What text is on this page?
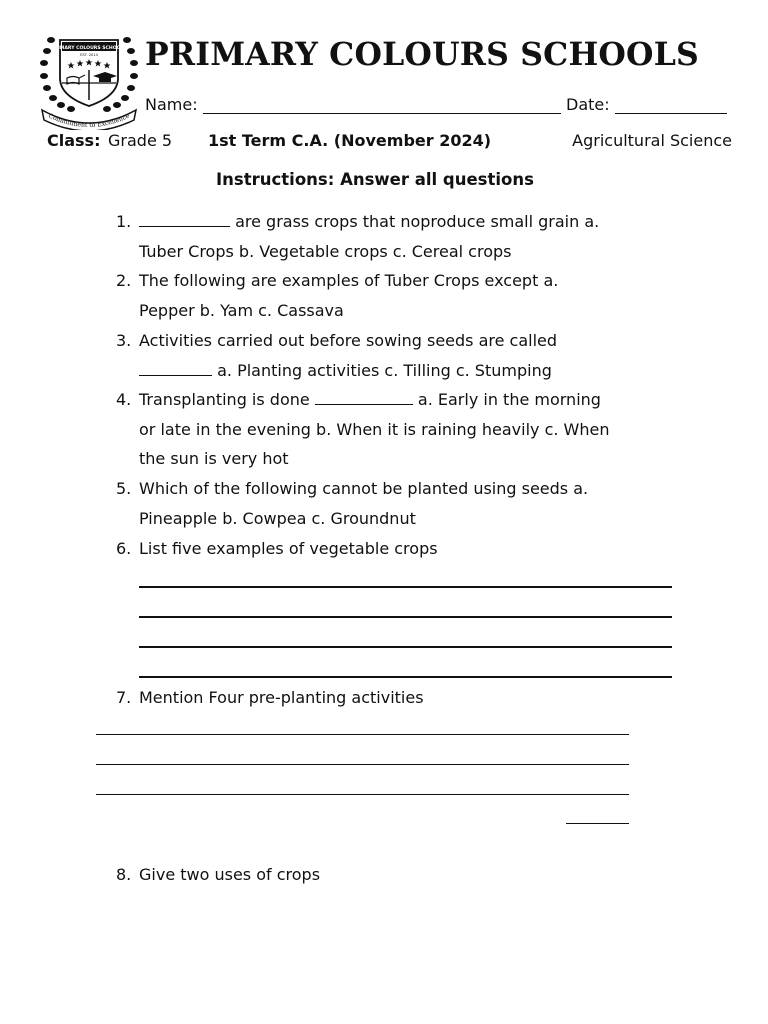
PRIMARY COLOURS SCHOOLS
EST. 2014
Commitment to Excellence
PRIMARY COLOURS SCHOOLS
Name:	Date:
Class: Grade 5 1st Term C.A. (November 2024)	Agricultural Science
Instructions: Answer all questions
1.	are grass crops that noproduce small grain a.
Tuber Crops b. Vegetable crops c. Cereal crops
2. The following are examples of Tuber Crops except a.
Pepper b. Yam c. Cassava
3. Activities carried out before sowing seeds are called
a. Planting activities c. Tilling c. Stumping
4. Transplanting is done	a. Early in the morning
or late in the evening b. When it is raining heavily c. When
the sun is very hot
5. Which of the following cannot be planted using seeds a.
Pineapple b. Cowpea c. Groundnut
6. List five examples of vegetable crops
7. Mention Four pre-planting activities
8. Give two uses of crops
